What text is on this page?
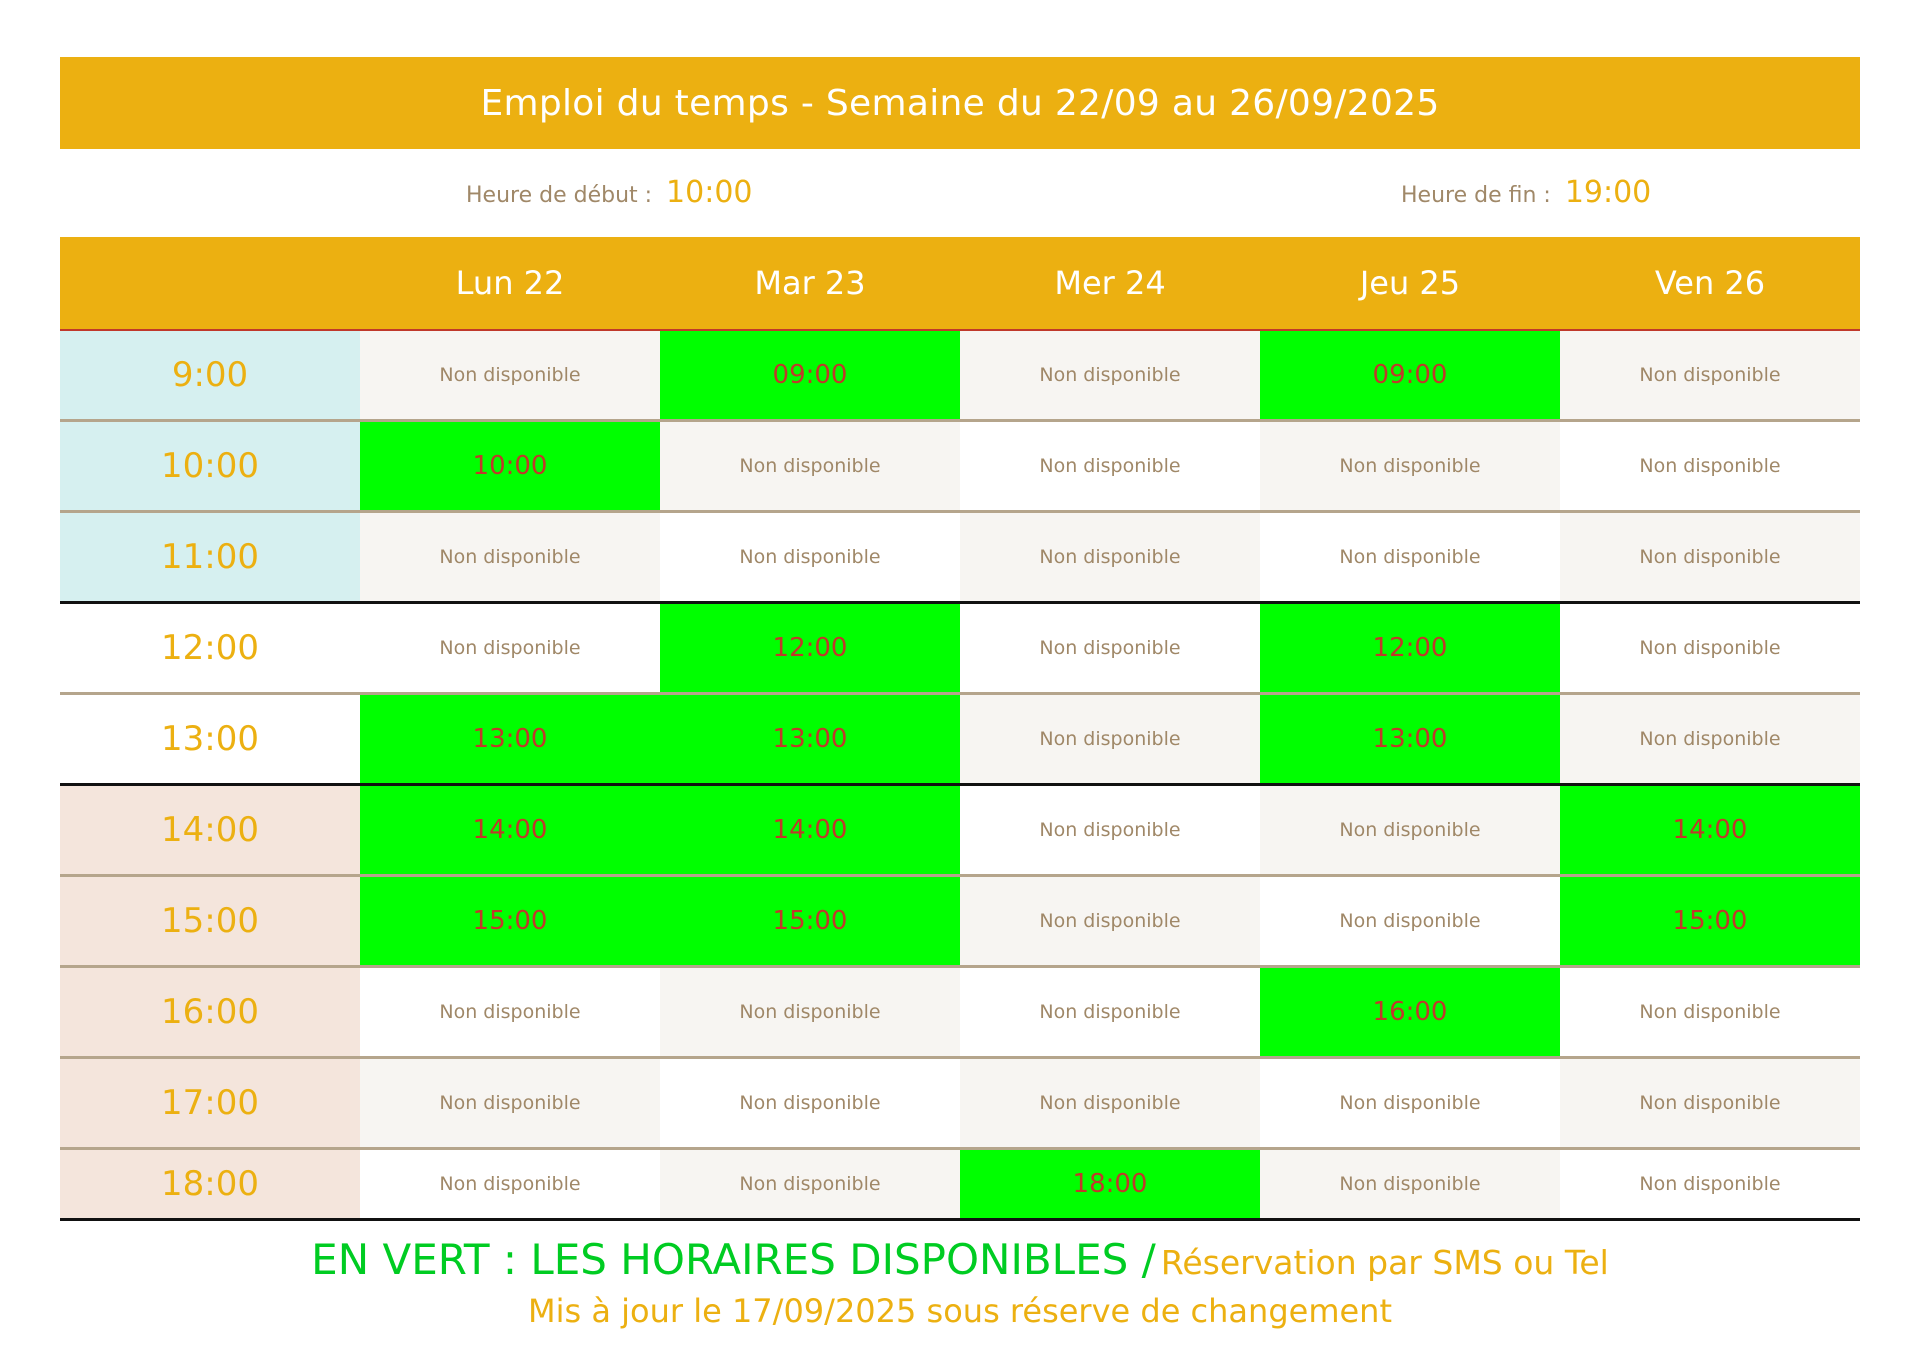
Emploi du temps - Semaine du 22/09 au 26/09/2025
Heure de début : 10:00	Heure de fin : 19:00
	Lun 22	Mar 23	Mer 24	Jeu 25	Ven 26
9:00	Non disponible	09:00	Non disponible	09:00	Non disponible
10:00	10:00	Non disponible	Non disponible	Non disponible	Non disponible
11:00	Non disponible	Non disponible	Non disponible	Non disponible	Non disponible
12:00	Non disponible	12:00	Non disponible	12:00	Non disponible
13:00	13:00	13:00	Non disponible	13:00	Non disponible
14:00	14:00	14:00	Non disponible	Non disponible	14:00
15:00	15:00	15:00	Non disponible	Non disponible	15:00
16:00	Non disponible	Non disponible	Non disponible	16:00	Non disponible
17:00	Non disponible	Non disponible	Non disponible	Non disponible	Non disponible
18:00	Non disponible	Non disponible	18:00	Non disponible	Non disponible
EN VERT : LES HORAIRES DISPONIBLES / Réservation par SMS ou Tel
Mis à jour le 17/09/2025 sous réserve de changement
